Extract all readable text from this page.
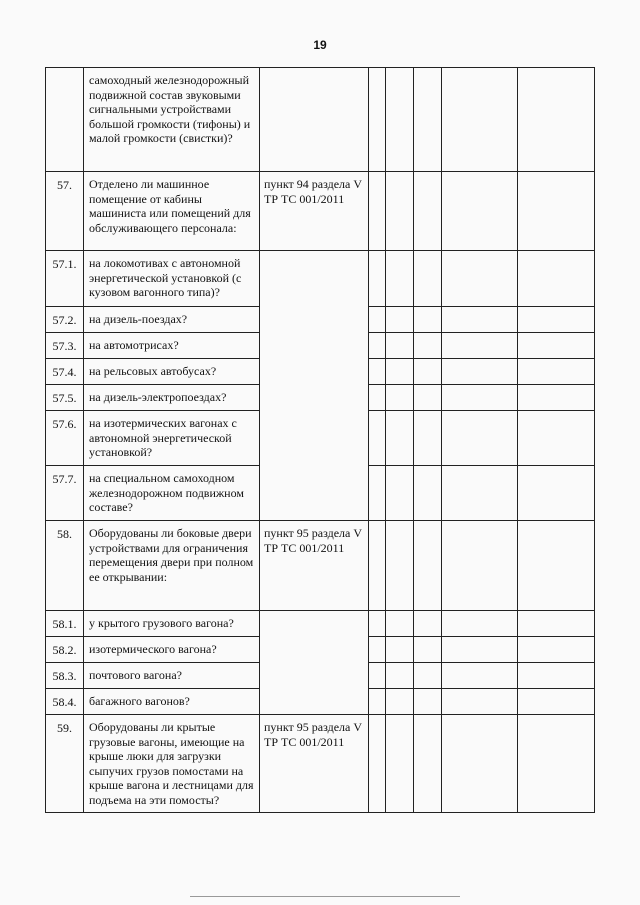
19
	самоходный железнодорожный подвижной состав звуковыми сигнальными устройствами большой громкости (тифоны) и малой громкости (свистки)?						
57.	Отделено ли машинное помещение от кабины машиниста или помещений для обслуживающего персонала:	пункт 94 раздела V ТР ТС 001/2011					
57.1.	на локомотивах с автономной энергетической установкой (с кузовом вагонного типа)?						
57.2.	на дизель-поездах?						
57.3.	на автомотрисах?						
57.4.	на рельсовых автобусах?						
57.5.	на дизель-электропоездах?						
57.6.	на изотермических вагонах с автономной энергетической установкой?						
57.7.	на специальном самоходном железнодорожном подвижном составе?						
58.	Оборудованы ли боковые двери устройствами для ограничения перемещения двери при полном ее открывании:	пункт 95 раздела V ТР ТС 001/2011					
58.1.	у крытого грузового вагона?						
58.2.	изотермического вагона?						
58.3.	почтового вагона?						
58.4.	багажного вагонов?						
59.	Оборудованы ли крытые грузовые вагоны, имеющие на крыше люки для загрузки сыпучих грузов помостами на крыше вагона и лестницами для подъема на эти помосты?	пункт 95 раздела V ТР ТС 001/2011					
